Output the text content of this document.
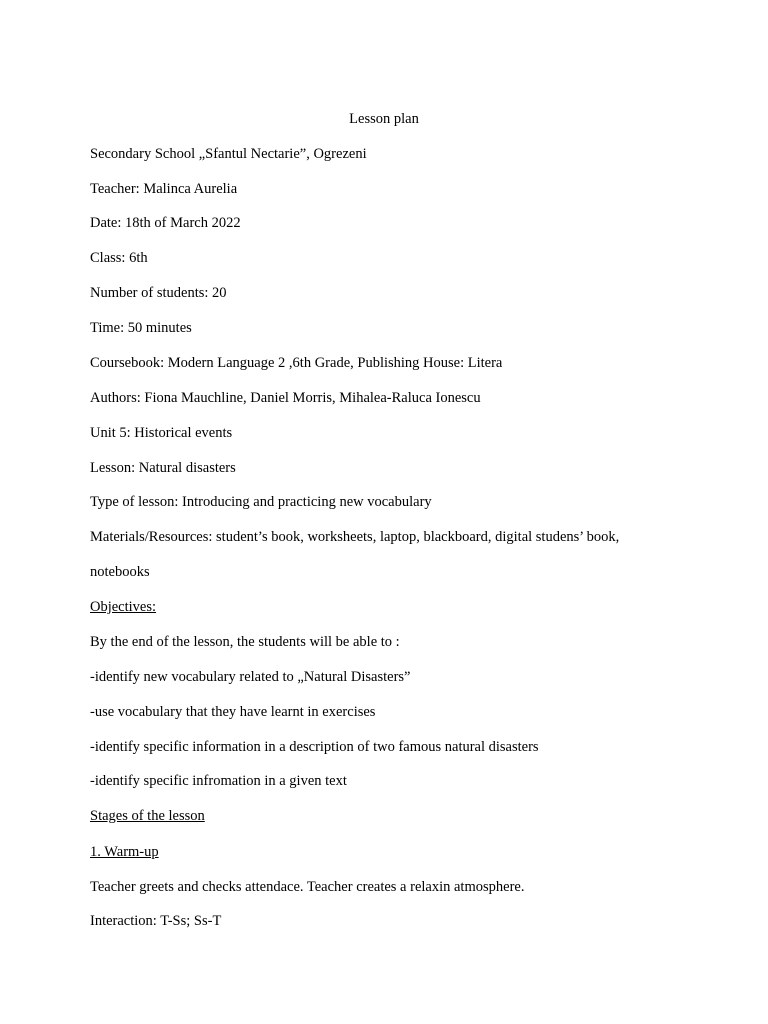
Lesson plan

Secondary School „Sfantul Nectarie”, Ogrezeni

Teacher: Malinca Aurelia

Date: 18th of March 2022

Class: 6th

Number of students: 20

Time: 50 minutes

Coursebook: Modern Language 2 ,6th Grade, Publishing House: Litera

Authors: Fiona Mauchline, Daniel Morris, Mihalea-Raluca Ionescu

Unit 5: Historical events

Lesson: Natural disasters

Type of lesson: Introducing and practicing new vocabulary

Materials/Resources: student’s book, worksheets, laptop, blackboard, digital studens’ book,

notebooks

Objectives:

By the end of the lesson, the students will be able to :

-identify new vocabulary related to „Natural Disasters”

-use vocabulary that they have learnt in exercises

-identify specific information in a description of two famous natural disasters

-identify specific infromation in a given text

Stages of the lesson

1. Warm-up

Teacher greets and checks attendace. Teacher creates a relaxin atmosphere.

Interaction: T-Ss; Ss-T
